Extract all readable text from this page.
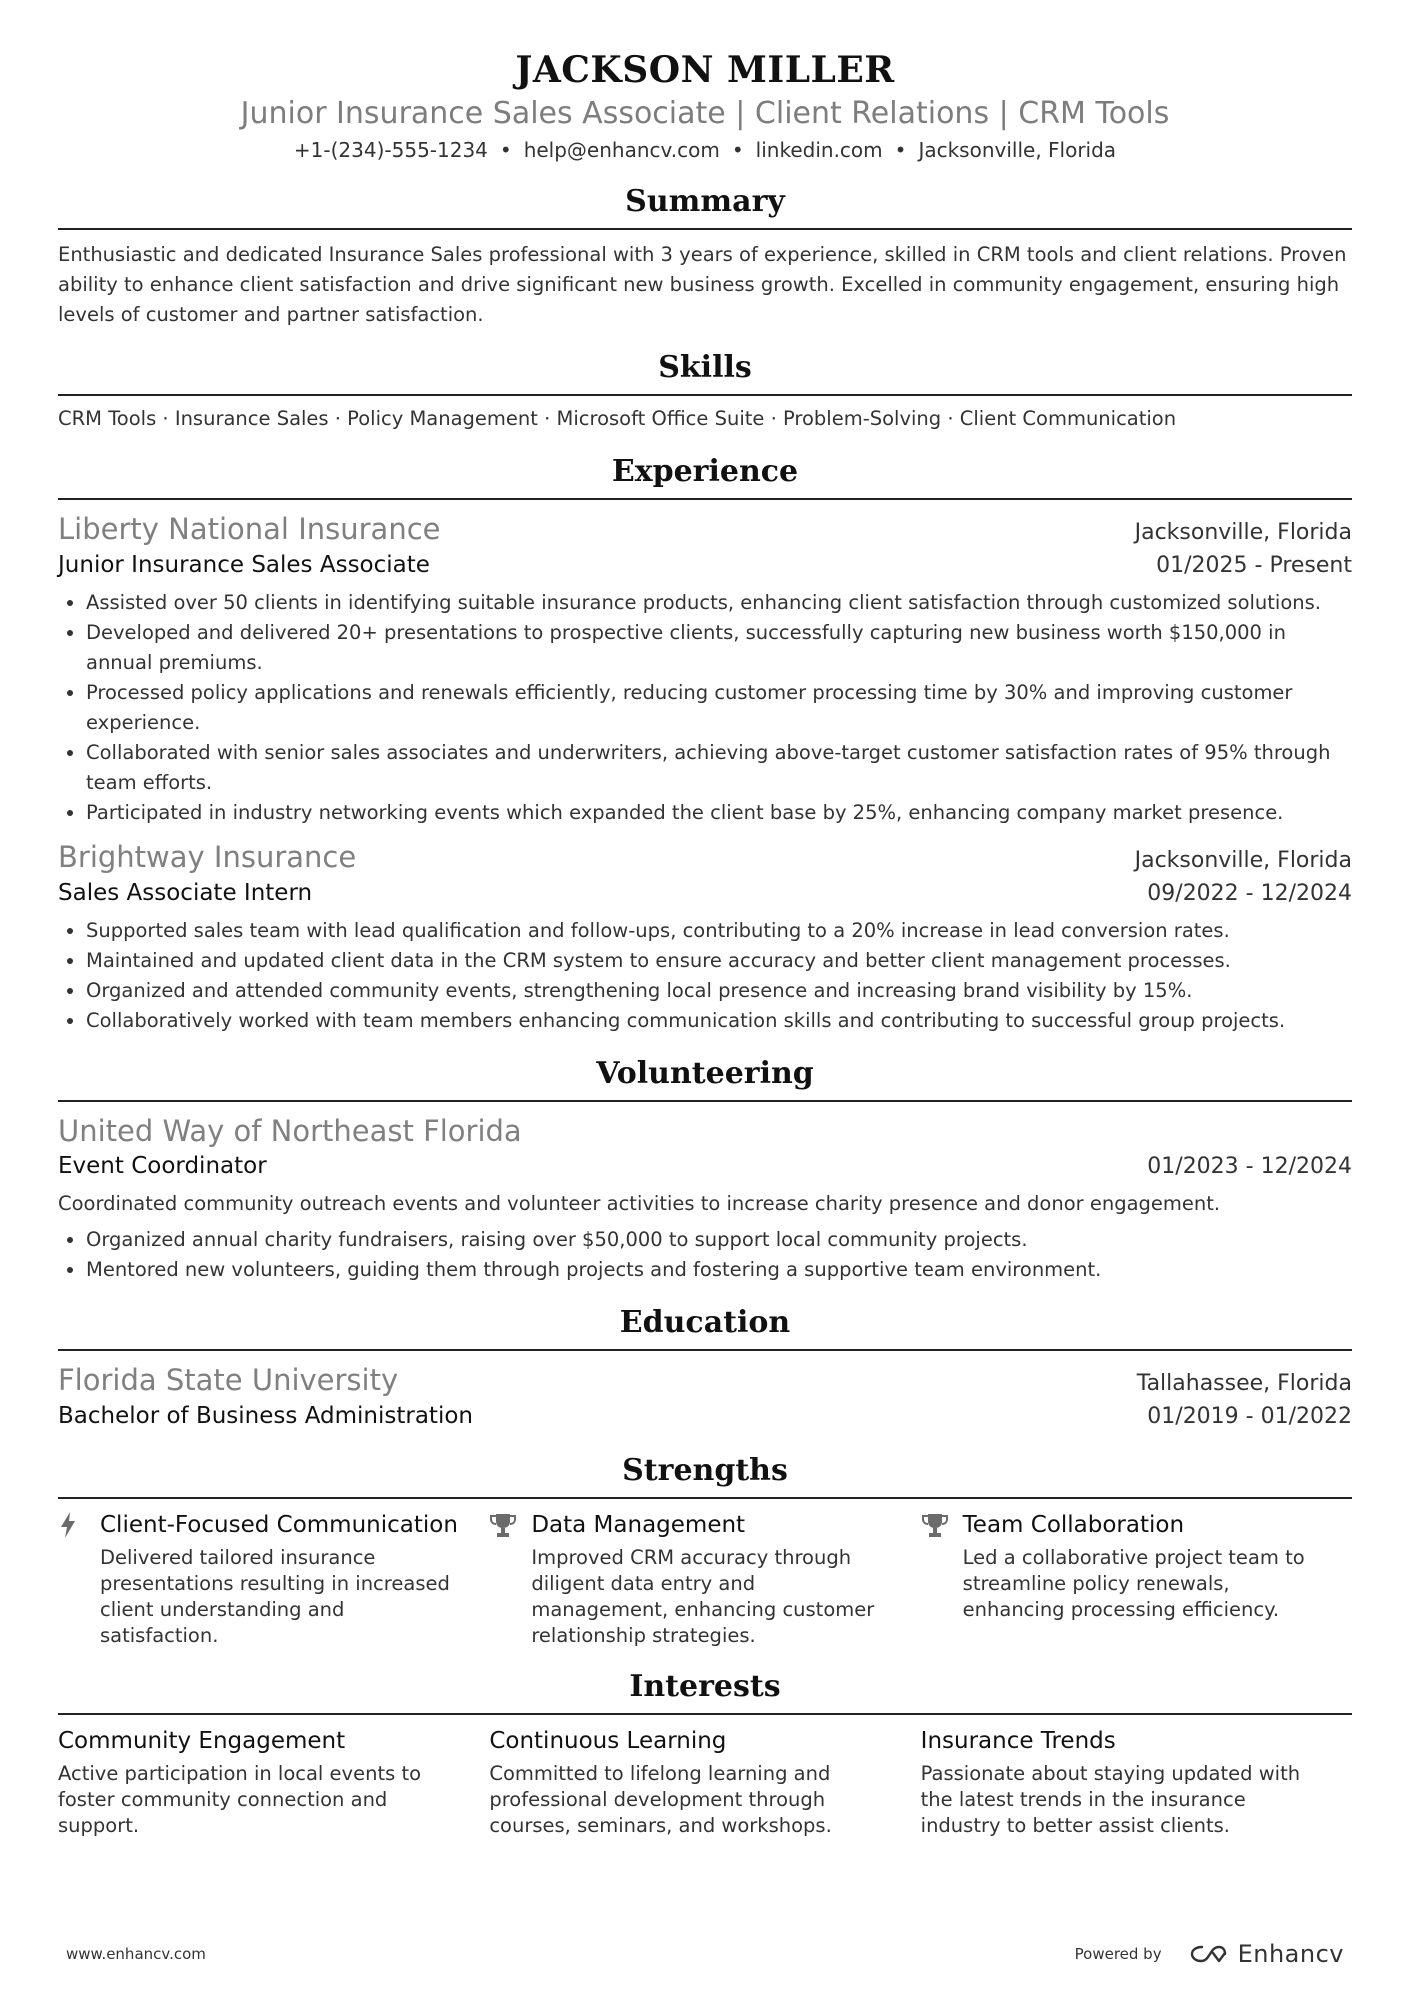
JACKSON MILLER
Junior Insurance Sales Associate | Client Relations | CRM Tools
+1-(234)-555-1234 • help@enhancv.com • linkedin.com • Jacksonville, Florida
Summary
Enthusiastic and dedicated Insurance Sales professional with 3 years of experience, skilled in CRM tools and client relations. Proven ability to enhance client satisfaction and drive significant new business growth. Excelled in community engagement, ensuring high levels of customer and partner satisfaction.
Skills
CRM Tools · Insurance Sales · Policy Management · Microsoft Office Suite · Problem-Solving · Client Communication
Experience
Liberty National Insurance	Jacksonville, Florida
Junior Insurance Sales Associate	01/2025 - Present
• Assisted over 50 clients in identifying suitable insurance products, enhancing client satisfaction through customized solutions.
• Developed and delivered 20+ presentations to prospective clients, successfully capturing new business worth $150,000 in annual premiums.
• Processed policy applications and renewals efficiently, reducing customer processing time by 30% and improving customer experience.
• Collaborated with senior sales associates and underwriters, achieving above-target customer satisfaction rates of 95% through team efforts.
• Participated in industry networking events which expanded the client base by 25%, enhancing company market presence.
Brightway Insurance	Jacksonville, Florida
Sales Associate Intern	09/2022 - 12/2024
• Supported sales team with lead qualification and follow-ups, contributing to a 20% increase in lead conversion rates.
• Maintained and updated client data in the CRM system to ensure accuracy and better client management processes.
• Organized and attended community events, strengthening local presence and increasing brand visibility by 15%.
• Collaboratively worked with team members enhancing communication skills and contributing to successful group projects.
Volunteering
United Way of Northeast Florida
Event Coordinator	01/2023 - 12/2024
Coordinated community outreach events and volunteer activities to increase charity presence and donor engagement.
• Organized annual charity fundraisers, raising over $50,000 to support local community projects.
• Mentored new volunteers, guiding them through projects and fostering a supportive team environment.
Education
Florida State University	Tallahassee, Florida
Bachelor of Business Administration	01/2019 - 01/2022
Strengths
Client-Focused Communication
Delivered tailored insurance presentations resulting in increased client understanding and satisfaction.
Data Management
Improved CRM accuracy through diligent data entry and management, enhancing customer relationship strategies.
Team Collaboration
Led a collaborative project team to streamline policy renewals, enhancing processing efficiency.
Interests
Community Engagement
Active participation in local events to foster community connection and support.
Continuous Learning
Committed to lifelong learning and professional development through courses, seminars, and workshops.
Insurance Trends
Passionate about staying updated with the latest trends in the insurance industry to better assist clients.
www.enhancv.com	Powered by	Enhancv
